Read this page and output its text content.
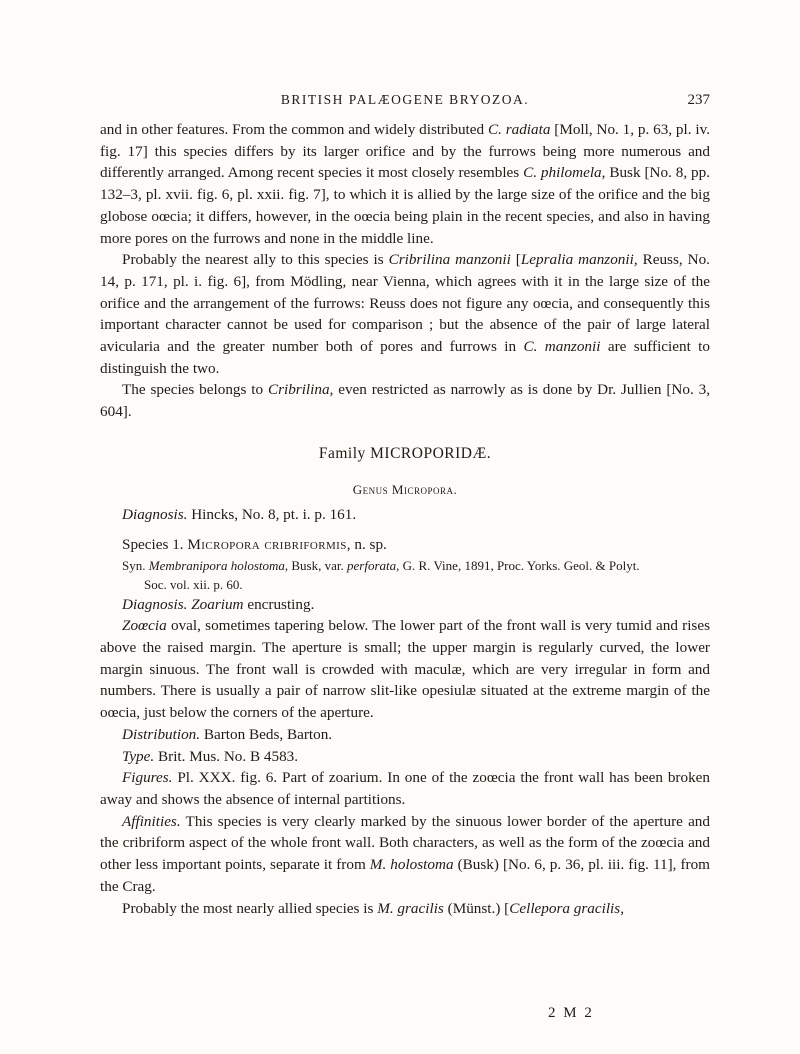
BRITISH PALÆOGENE BRYOZOA.	237

and in other features. From the common and widely distributed C. radiata [Moll, No. 1, p. 63, pl. iv. fig. 17] this species differs by its larger orifice and by the furrows being more numerous and differently arranged. Among recent species it most closely resembles C. philomela, Busk [No. 8, pp. 132–3, pl. xvii. fig. 6, pl. xxii. fig. 7], to which it is allied by the large size of the orifice and the big globose oœcia; it differs, however, in the oœcia being plain in the recent species, and also in having more pores on the furrows and none in the middle line.

Probably the nearest ally to this species is Cribrilina manzonii [Lepralia manzonii, Reuss, No. 14, p. 171, pl. i. fig. 6], from Mödling, near Vienna, which agrees with it in the large size of the orifice and the arrangement of the furrows: Reuss does not figure any oœcia, and consequently this important character cannot be used for comparison ; but the absence of the pair of large lateral avicularia and the greater number both of pores and furrows in C. manzonii are sufficient to distinguish the two.

The species belongs to Cribrilina, even restricted as narrowly as is done by Dr. Jullien [No. 3, 604].

Family MICROPORIDÆ.

Genus Microporа.

Diagnosis. Hincks, No. 8, pt. i. p. 161.

Species 1. Micropora cribriformis, n. sp.

Syn. Membranipora holostoma, Busk, var. perforata, G. R. Vine, 1891, Proc. Yorks. Geol. & Polyt.
Soc. vol. xii. p. 60.

Diagnosis. Zoarium encrusting.

Zoœcia oval, sometimes tapering below. The lower part of the front wall is very tumid and rises above the raised margin. The aperture is small; the upper margin is regularly curved, the lower margin sinuous. The front wall is crowded with maculæ, which are very irregular in form and numbers. There is usually a pair of narrow slit-like opesiulæ situated at the extreme margin of the oœcia, just below the corners of the aperture.

Distribution. Barton Beds, Barton.

Type. Brit. Mus. No. B 4583.

Figures. Pl. XXX. fig. 6. Part of zoarium. In one of the zoœcia the front wall has been broken away and shows the absence of internal partitions.

Affinities. This species is very clearly marked by the sinuous lower border of the aperture and the cribriform aspect of the whole front wall. Both characters, as well as the form of the zoœcia and other less important points, separate it from M. holostoma (Busk) [No. 6, p. 36, pl. iii. fig. 11], from the Crag.

Probably the most nearly allied species is M. gracilis (Münst.) [Cellepora gracilis,

2 M 2
